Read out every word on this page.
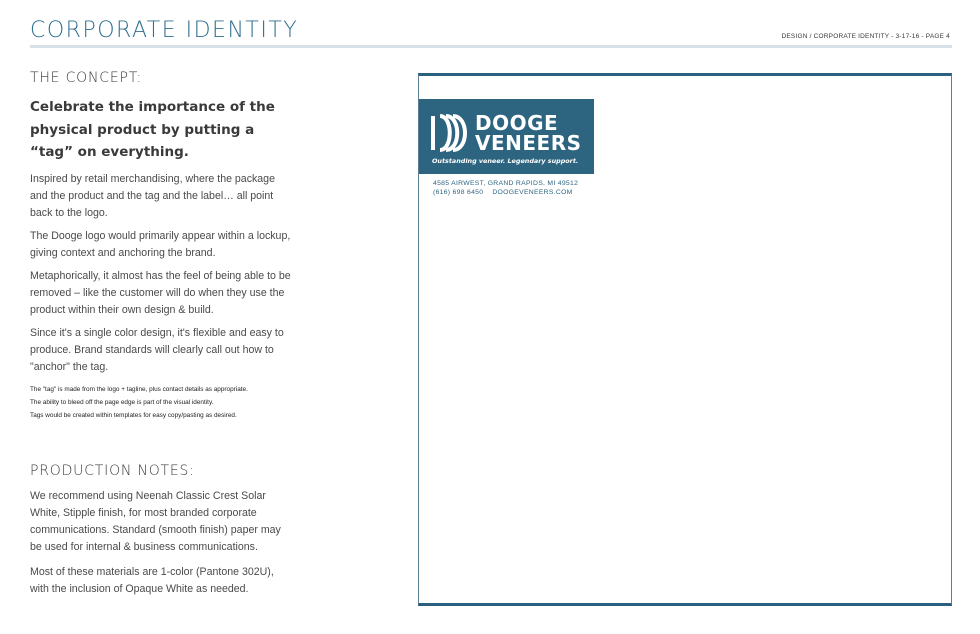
CORPORATE IDENTITY	DESIGN / CORPORATE IDENTITY - 3-17-16 - PAGE 4
THE CONCEPT:
Celebrate the importance of the physical product by putting a “tag” on everything.

Inspired by retail merchandising, where the package and the product and the tag and the label… all point back to the logo.

The Dooge logo would primarily appear within a lockup, giving context and anchoring the brand.

Metaphorically, it almost has the feel of being able to be removed – like the customer will do when they use the product within their own design & build.

Since it's a single color design, it's flexible and easy to produce. Brand standards will clearly call out how to "anchor" the tag.

The "tag" is made from the logo + tagline, plus contact details as appropriate.
The ability to bleed off the page edge is part of the visual identity.
Tags would be created within templates for easy copy/pasting as desired.
PRODUCTION NOTES:

We recommend using Neenah Classic Crest Solar White, Stipple finish, for most branded corporate communications. Standard (smooth finish) paper may be used for internal & business communications.

Most of these materials are 1-color (Pantone 302U), with the inclusion of Opaque White as needed.

DOOGE
VENEERS
Outstanding veneer. Legendary support.
4585 AIRWEST, GRAND RAPIDS, MI 49512
(616) 698 6450 DOOGEVENEERS.COM
